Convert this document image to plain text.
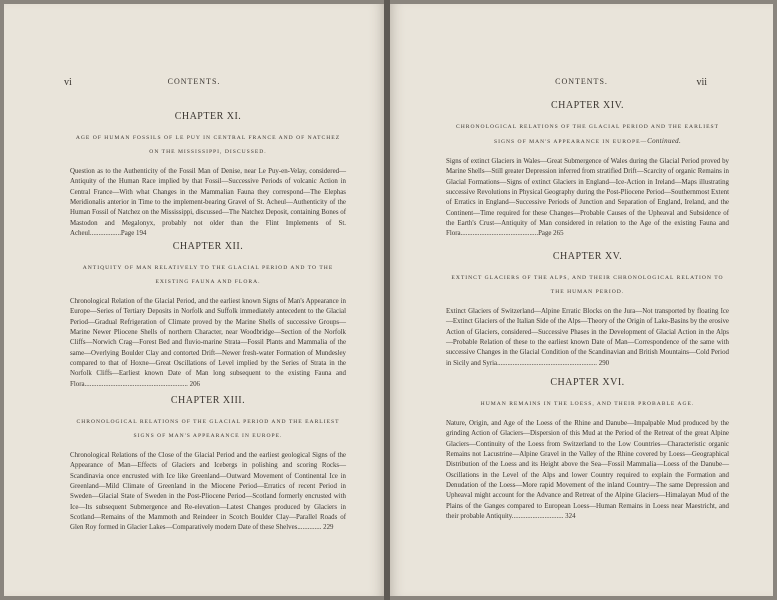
vi	CONTENTS.

CHAPTER XI.

AGE OF HUMAN FOSSILS OF LE PUY IN CENTRAL FRANCE AND OF NATCHEZ ON THE MISSISSIPPI, DISCUSSED.

Question as to the Authenticity of the Fossil Man of Denise, near Le Puy-en-Velay, considered—Antiquity of the Human Race implied by that Fossil—Successive Periods of volcanic Action in Central France—With what Changes in the Mammalian Fauna they correspond—The Elephas Meridionalis anterior in Time to the implement-bearing Gravel of St. Acheul—Authenticity of the Human Fossil of Natchez on the Mississippi, discussed—The Natchez Deposit, containing Bones of Mastodon and Megalonyx, probably not older than the Flint Implements of St. Acheul..................Page 194

CHAPTER XII.

ANTIQUITY OF MAN RELATIVELY TO THE GLACIAL PERIOD AND TO THE EXISTING FAUNA AND FLORA.

Chronological Relation of the Glacial Period, and the earliest known Signs of Man's Appearance in Europe—Series of Tertiary Deposits in Norfolk and Suffolk immediately antecedent to the Glacial Period—Gradual Refrigeration of Climate proved by the Marine Shells of successive Groups—Marine Newer Pliocene Shells of northern Character, near Woodbridge—Section of the Norfolk Cliffs—Norwich Crag—Forest Bed and fluvio-marine Strata—Fossil Plants and Mammalia of the same—Overlying Boulder Clay and contorted Drift—Newer fresh-water Formation of Mundesley compared to that of Hoxne—Great Oscillations of Level implied by the Series of Strata in the Norfolk Cliffs—Earliest known Date of Man long subsequent to the existing Fauna and Flora............................................................ 206

CHAPTER XIII.

CHRONOLOGICAL RELATIONS OF THE GLACIAL PERIOD AND THE EARLIEST SIGNS OF MAN'S APPEARANCE IN EUROPE.

Chronological Relations of the Close of the Glacial Period and the earliest geological Signs of the Appearance of Man—Effects of Glaciers and Icebergs in polishing and scoring Rocks—Scandinavia once encrusted with Ice like Greenland—Outward Movement of Continental Ice in Greenland—Mild Climate of Greenland in the Miocene Period—Erratics of recent Period in Sweden—Glacial State of Sweden in the Post-Pliocene Period—Scotland formerly encrusted with Ice—Its subsequent Submergence and Re-elevation—Latest Changes produced by Glaciers in Scotland—Remains of the Mammoth and Reindeer in Scotch Boulder Clay—Parallel Roads of Glen Roy formed in Glacier Lakes—Comparatively modern Date of these Shelves.............. 229

CONTENTS.	vii

CHAPTER XIV.

CHRONOLOGICAL RELATIONS OF THE GLACIAL PERIOD AND THE EARLIEST SIGNS OF MAN'S APPEARANCE IN EUROPE—Continued.

Signs of extinct Glaciers in Wales—Great Submergence of Wales during the Glacial Period proved by Marine Shells—Still greater Depression inferred from stratified Drift—Scarcity of organic Remains in Glacial Formations—Signs of extinct Glaciers in England—Ice-Action in Ireland—Maps illustrating successive Revolutions in Physical Geography during the Post-Pliocene Period—Southernmost Extent of Erratics in England—Successive Periods of Junction and Separation of England, Ireland, and the Continent—Time required for these Changes—Probable Causes of the Upheaval and Subsidence of the Earth's Crust—Antiquity of Man considered in relation to the Age of the existing Fauna and Flora.............................................Page 265

CHAPTER XV.

EXTINCT GLACIERS OF THE ALPS, AND THEIR CHRONOLOGICAL RELATION TO THE HUMAN PERIOD.

Extinct Glaciers of Switzerland—Alpine Erratic Blocks on the Jura—Not transported by floating Ice—Extinct Glaciers of the Italian Side of the Alps—Theory of the Origin of Lake-Basins by the erosive Action of Glaciers, considered—Successive Phases in the Development of Glacial Action in the Alps—Probable Relation of these to the earliest known Date of Man—Correspondence of the same with successive Changes in the Glacial Condition of the Scandinavian and British Mountains—Cold Period in Sicily and Syria.......................................................... 290

CHAPTER XVI.

HUMAN REMAINS IN THE LOESS, AND THEIR PROBABLE AGE.

Nature, Origin, and Age of the Loess of the Rhine and Danube—Impalpable Mud produced by the grinding Action of Glaciers—Dispersion of this Mud at the Period of the Retreat of the great Alpine Glaciers—Continuity of the Loess from Switzerland to the Low Countries—Characteristic organic Remains not Lacustrine—Alpine Gravel in the Valley of the Rhine covered by Loess—Geographical Distribution of the Loess and its Height above the Sea—Fossil Mammalia—Loess of the Danube—Oscillations in the Level of the Alps and lower Country required to explain the Formation and Denudation of the Loess—More rapid Movement of the inland Country—The same Depression and Upheaval might account for the Advance and Retreat of the Alpine Glaciers—Himalayan Mud of the Plains of the Ganges compared to European Loess—Human Remains in Loess near Maestricht, and their probable Antiquity.............................. 324
